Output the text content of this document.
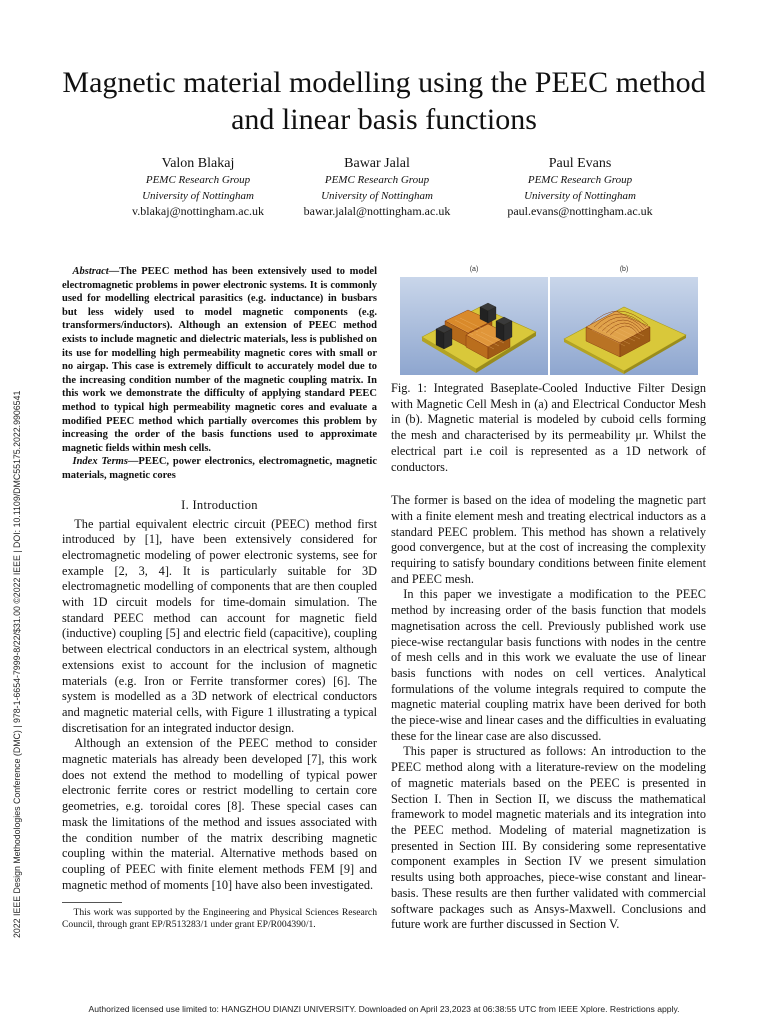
Magnetic material modelling using the PEEC method and linear basis functions
Valon Blakaj
PEMC Research Group
University of Nottingham
v.blakaj@nottingham.ac.uk
Bawar Jalal
PEMC Research Group
University of Nottingham
bawar.jalal@nottingham.ac.uk
Paul Evans
PEMC Research Group
University of Nottingham
paul.evans@nottingham.ac.uk
2022 IEEE Design Methodologies Conference (DMC) | 978-1-6654-7999-8/22/$31.00 ©2022 IEEE | DOI: 10.1109/DMC55175.2022.9906541

Abstract—The PEEC method has been extensively used to model electromagnetic problems in power electronic systems. It is commonly used for modelling electrical parasitics (e.g. inductance) in busbars but less widely used to model magnetic components (e.g. transformers/inductors). Although an extension of PEEC method exists to include magnetic and dielectric materials, less is published on its use for modelling high permeability magnetic cores with small or no airgap. This case is extremely difficult to accurately model due to the increasing condition number of the magnetic coupling matrix. In this work we demonstrate the difficulty of applying standard PEEC method to typical high permeability magnetic cores and evaluate a modified PEEC method which partially overcomes this problem by increasing the order of the basis functions used to approximate magnetic fields within mesh cells.

Index Terms—PEEC, power electronics, electromagnetic, magnetic materials, magnetic cores

I. Introduction

The partial equivalent electric circuit (PEEC) method first introduced by [1], have been extensively considered for electromagnetic modeling of power electronic systems, see for example [2, 3, 4]. It is particularly suitable for 3D electromagnetic modelling of components that are then coupled with 1D circuit models for time-domain simulation. The standard PEEC method can account for magnetic field (inductive) coupling [5] and electric field (capacitive), coupling between electrical conductors in an electrical system, although extensions exist to account for the inclusion of magnetic materials (e.g. Iron or Ferrite transformer cores) [6]. The system is modelled as a 3D network of electrical conductors and magnetic material cells, with Figure 1 illustrating a typical discretisation for an integrated inductor design.

Although an extension of the PEEC method to consider magnetic materials has already been developed [7], this work does not extend the method to modelling of typical power electronic ferrite cores or restrict modelling to certain core geometries, e.g. toroidal cores [8]. These special cases can mask the limitations of the method and issues associated with the condition number of the matrix describing magnetic coupling within the material. Alternative methods based on coupling of PEEC with finite element methods FEM [9] and magnetic method of moments [10] have also been investigated.

This work was supported by the Engineering and Physical Sciences Research Council, through grant EP/R513283/1 under grant EP/R004390/1.

(a)	(b)

Fig. 1: Integrated Baseplate-Cooled Inductive Filter Design with Magnetic Cell Mesh in (a) and Electrical Conductor Mesh in (b). Magnetic material is modeled by cuboid cells forming the mesh and characterised by its permeability μr. Whilst the electrical part i.e coil is represented as a 1D network of conductors.

The former is based on the idea of modeling the magnetic part with a finite element mesh and treating electrical inductors as a standard PEEC problem. This method has shown a relatively good convergence, but at the cost of increasing the complexity requiring to satisfy boundary conditions between finite element and PEEC mesh.

In this paper we investigate a modification to the PEEC method by increasing order of the basis function that models magnetisation across the cell. Previously published work use piece-wise rectangular basis functions with nodes in the centre of mesh cells and in this work we evaluate the use of linear basis functions with nodes on cell vertices. Analytical formulations of the volume integrals required to compute the magnetic material coupling matrix have been derived for both the piece-wise and linear cases and the difficulties in evaluating these for the linear case are also discussed.

This paper is structured as follows: An introduction to the PEEC method along with a literature-review on the modeling of magnetic materials based on the PEEC is presented in Section I. Then in Section II, we discuss the mathematical framework to model magnetic materials and its integration into the PEEC method. Modeling of material magnetization is presented in Section III. By considering some representative component examples in Section IV we present simulation results using both approaches, piece-wise constant and linear-basis. These results are then further validated with commercial software packages such as Ansys-Maxwell. Conclusions and future work are further discussed in Section V.

Authorized licensed use limited to: HANGZHOU DIANZI UNIVERSITY. Downloaded on April 23,2023 at 06:38:55 UTC from IEEE Xplore. Restrictions apply.
